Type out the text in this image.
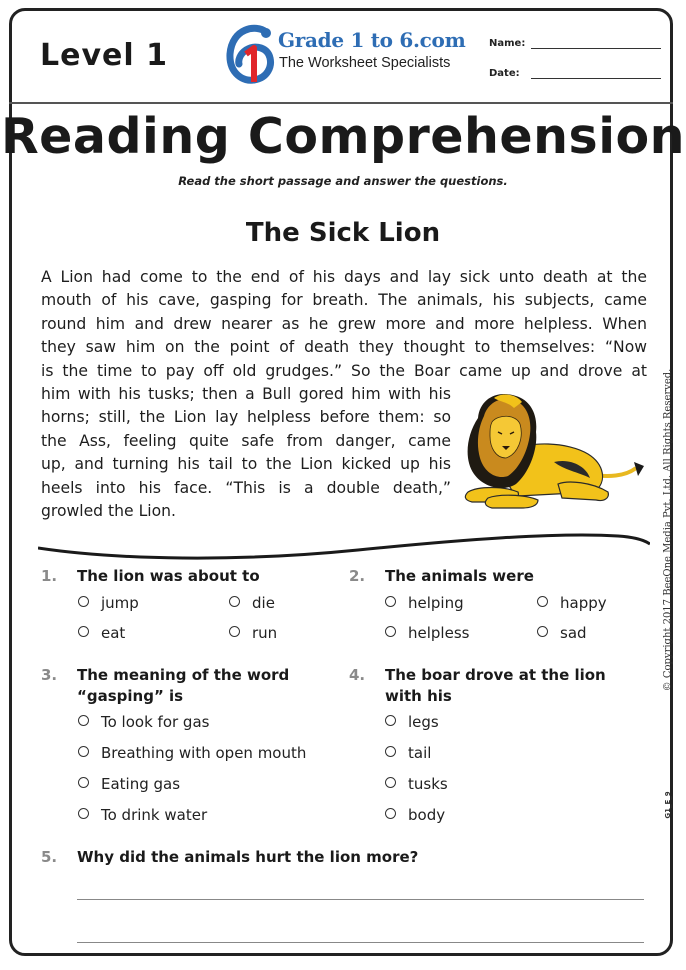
Level 1	Grade 1 to 6.com
The Worksheet Specialists
Name:
Date:
Reading Comprehension
Read the short passage and answer the questions.
The Sick Lion
A Lion had come to the end of his days and lay sick unto death at the
mouth of his cave, gasping for breath. The animals, his subjects, came
round him and drew nearer as he grew more and more helpless. When
they saw him on the point of death they thought to themselves: “Now
is the time to pay off old grudges.” So the Boar came up and drove at
him with his tusks; then a Bull gored him with his
horns; still, the Lion lay helpless before them: so
the Ass, feeling quite safe from danger, came
up, and turning his tail to the Lion kicked up his
heels into his face. “This is a double death,”
growled the Lion.	© Copyright 2017 BeeOne Media Pvt. Ltd. All Rights Reserved.
G1_E_9
1. The lion was about to
jump	die
eat	run
2. The animals were
helping	happy
helpless	sad
3. The meaning of the word
“gasping” is
To look for gas
Breathing with open mouth
Eating gas
To drink water
4. The boar drove at the lion
with his
legs
tail
tusks
body
5. Why did the animals hurt the lion more?
